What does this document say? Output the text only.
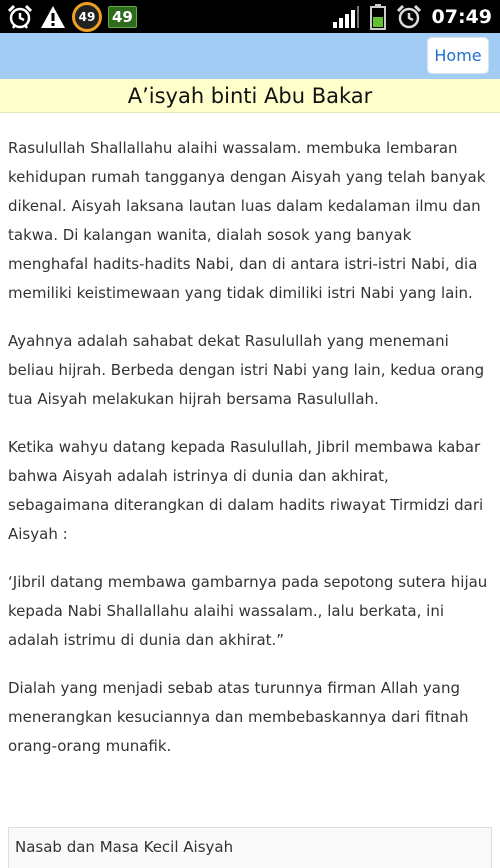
49	49	07:49
Home
A’isyah binti Abu Bakar

Rasulullah Shallallahu alaihi wassalam. membuka lembaran kehidupan rumah tangganya dengan Aisyah yang telah banyak dikenal. Aisyah laksana lautan luas dalam kedalaman ilmu dan takwa. Di kalangan wanita, dialah sosok yang banyak menghafal hadits-hadits Nabi, dan di antara istri-istri Nabi, dia memiliki keistimewaan yang tidak dimiliki istri Nabi yang lain.

Ayahnya adalah sahabat dekat Rasulullah yang menemani beliau hijrah. Berbeda dengan istri Nabi yang lain, kedua orang tua Aisyah melakukan hijrah bersama Rasulullah.

Ketika wahyu datang kepada Rasulullah, Jibril membawa kabar bahwa Aisyah adalah istrinya di dunia dan akhirat, sebagaimana diterangkan di dalam hadits riwayat Tirmidzi dari Aisyah :

‘Jibril datang membawa gambarnya pada sepotong sutera hijau kepada Nabi Shallallahu alaihi wassalam., lalu berkata, ini adalah istrimu di dunia dan akhirat.”

Dialah yang menjadi sebab atas turunnya firman Allah yang menerangkan kesuciannya dan membebaskannya dari fitnah orang-orang munafik.

Nasab dan Masa Kecil Aisyah
